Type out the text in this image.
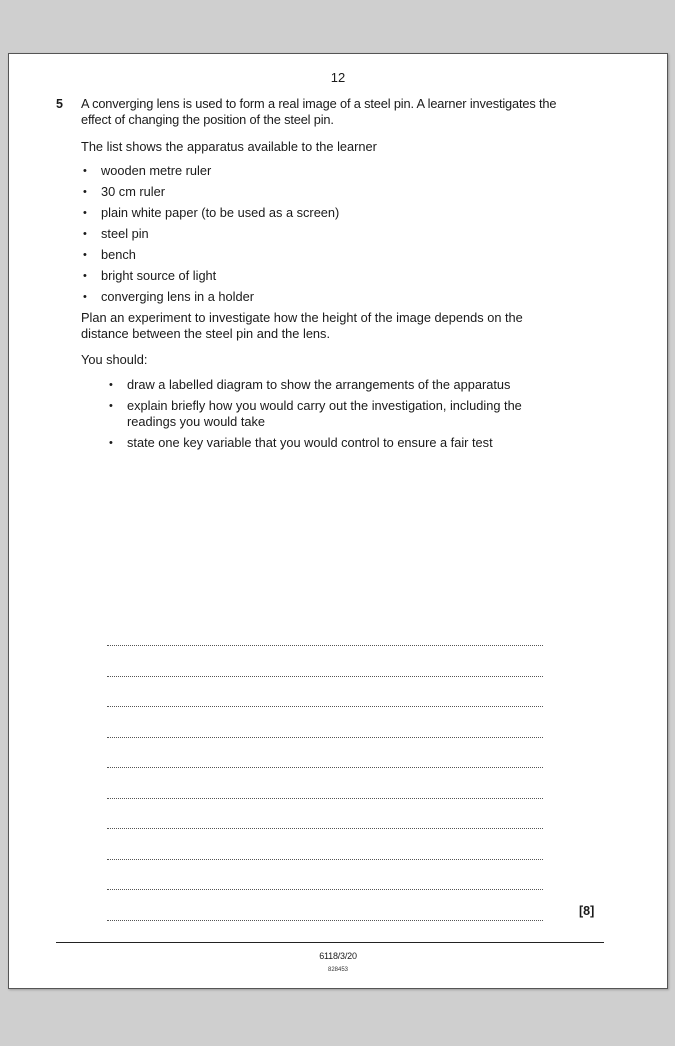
12
5 A converging lens is used to form a real image of a steel pin. A learner investigates the effect of changing the position of the steel pin.

The list shows the apparatus available to the learner

• wooden metre ruler
• 30 cm ruler
• plain white paper (to be used as a screen)
• steel pin
• bench
• bright source of light
• converging lens in a holder

Plan an experiment to investigate how the height of the image depends on the distance between the steel pin and the lens.

You should:

• draw a labelled diagram to show the arrangements of the apparatus
• explain briefly how you would carry out the investigation, including the readings you would take
• state one key variable that you would control to ensure a fair test
[8]
6118/3/20
828453
